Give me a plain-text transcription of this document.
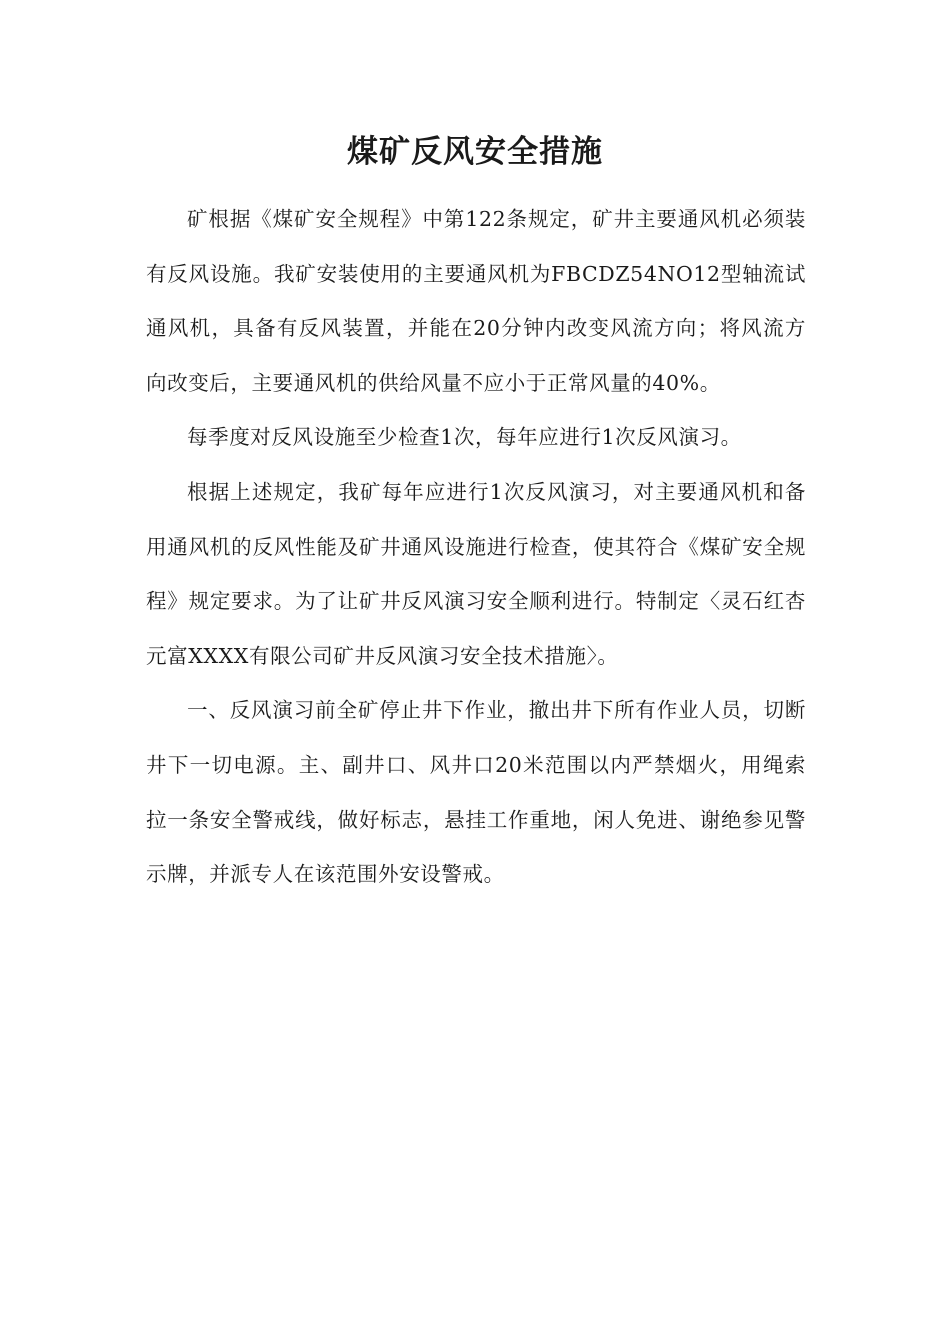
煤矿反风安全措施

矿根据《煤矿安全规程》中第122条规定，矿井主要通风机必须装有反风设施。我矿安装使用的主要通风机为FBCDZ54NO12型轴流试通风机，具备有反风装置，并能在20分钟内改变风流方向；将风流方向改变后，主要通风机的供给风量不应小于正常风量的40%。

每季度对反风设施至少检查1次，每年应进行1次反风演习。

根据上述规定，我矿每年应进行1次反风演习，对主要通风机和备用通风机的反风性能及矿井通风设施进行检查，使其符合《煤矿安全规程》规定要求。为了让矿井反风演习安全顺利进行。特制定〈灵石红杏元富XXXX有限公司矿井反风演习安全技术措施〉。

一、反风演习前全矿停止井下作业，撤出井下所有作业人员，切断井下一切电源。主、副井口、风井口20米范围以内严禁烟火，用绳索拉一条安全警戒线，做好标志，悬挂工作重地，闲人免进、谢绝参见警示牌，并派专人在该范围外安设警戒。
